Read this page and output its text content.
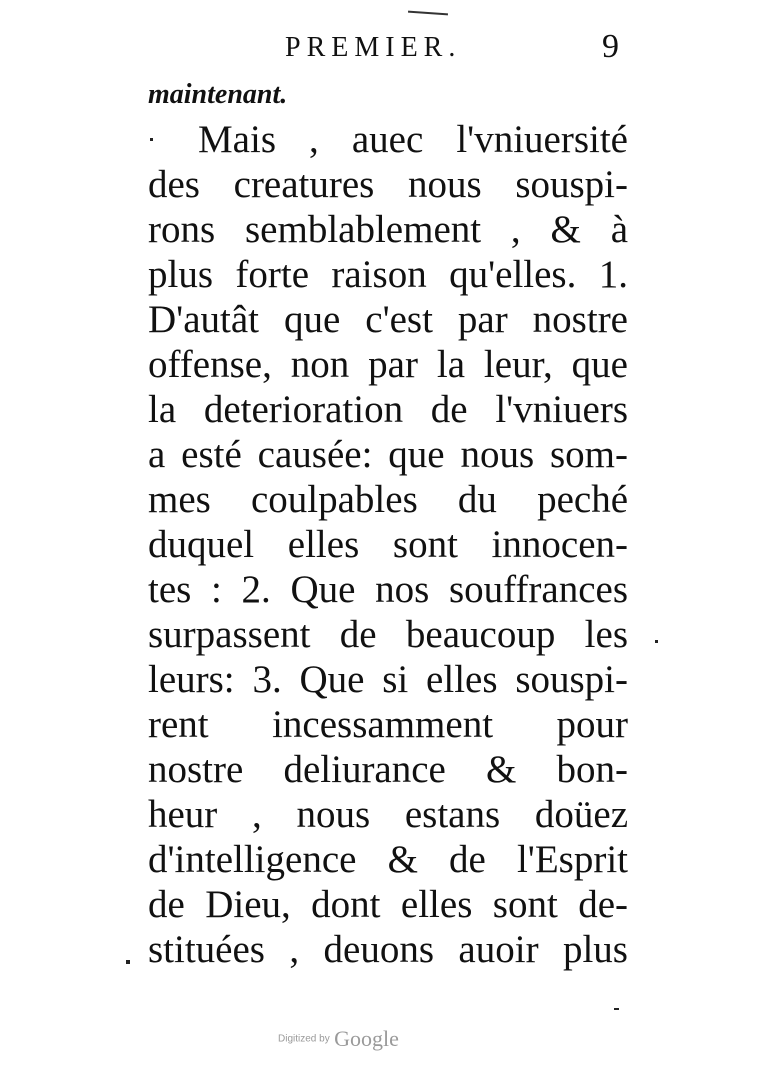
PREMIER.	9
maintenant.
Mais , auec l'vniuersité
des creatures nous souspi-
rons semblablement , & à
plus forte raison qu'elles. 1.
D'autât que c'est par nostre
offense, non par la leur, que
la deterioration de l'vniuers
a esté causée: que nous som-
mes coulpables du peché
duquel elles sont innocen-
tes : 2. Que nos souffrances
surpassent de beaucoup les
leurs: 3. Que si elles souspi-
rent incessamment pour
nostre deliurance & bon-
heur , nous estans doüez
d'intelligence & de l'Esprit
de Dieu, dont elles sont de-
stituées , deuons auoir plus
Digitized by Google
